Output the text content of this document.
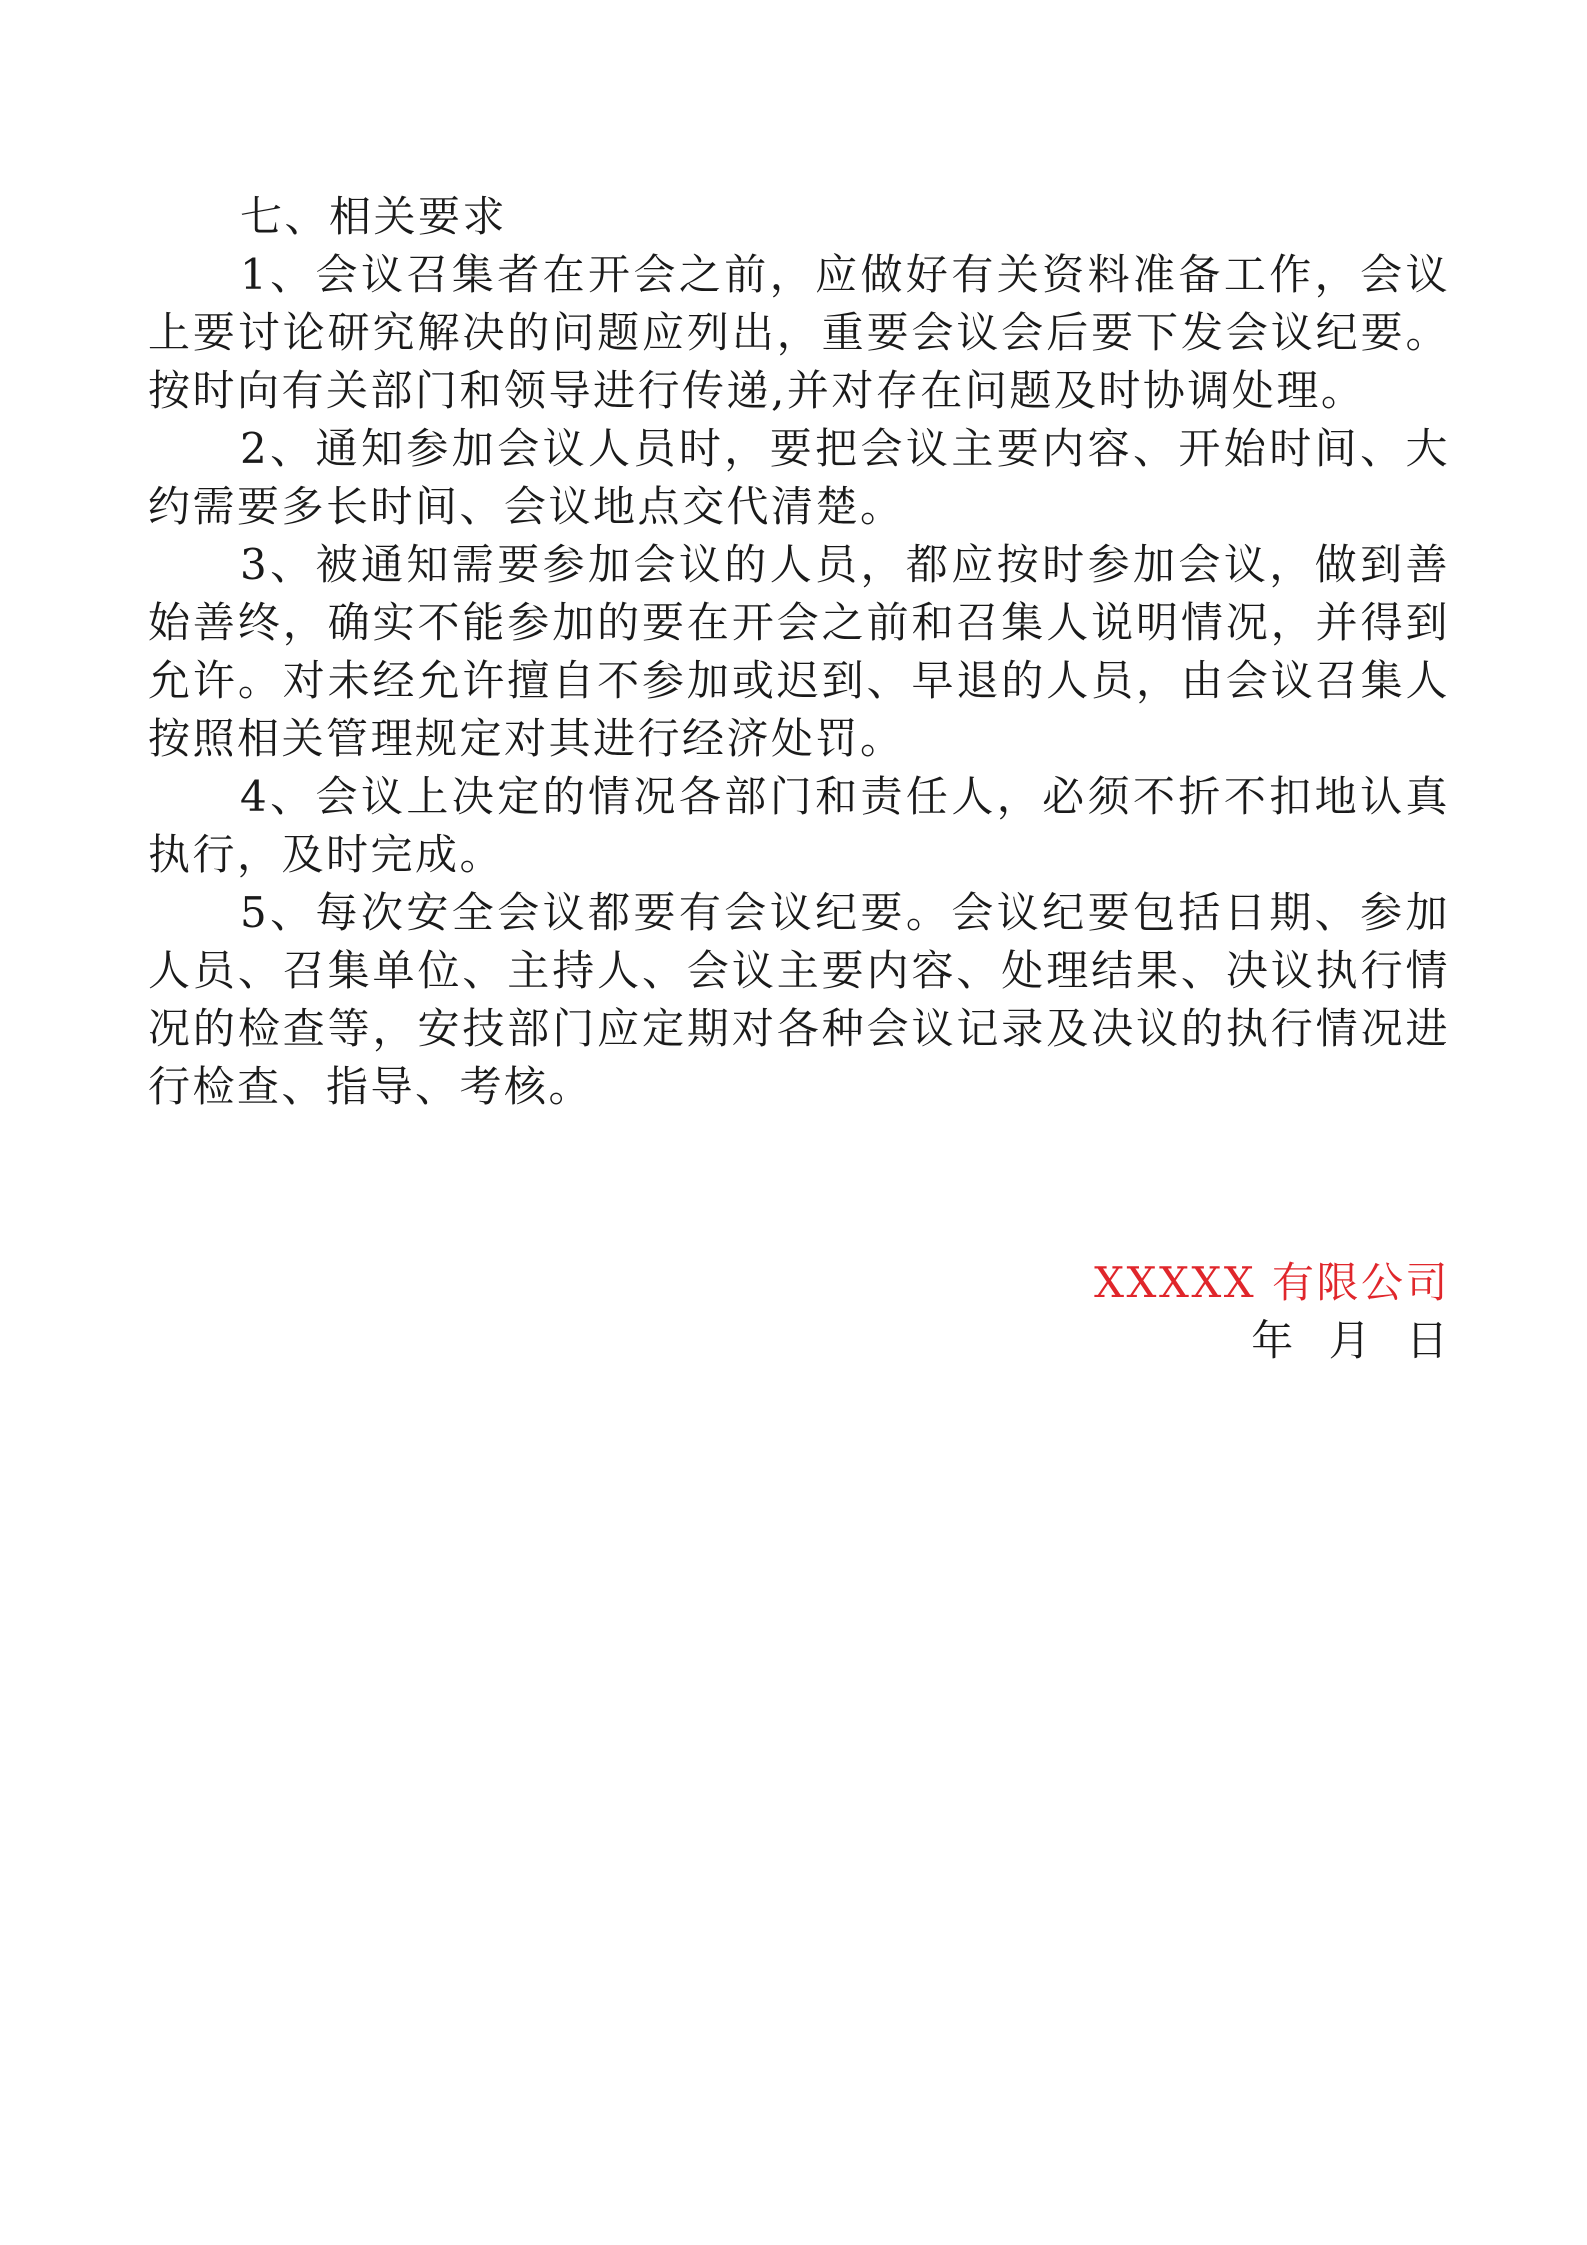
七、相关要求

1、会议召集者在开会之前，应做好有关资料准备工作，会议上要讨论研究解决的问题应列出，重要会议会后要下发会议纪要。按时向有关部门和领导进行传递,并对存在问题及时协调处理。

2、通知参加会议人员时，要把会议主要内容、开始时间、大约需要多长时间、会议地点交代清楚。

3、被通知需要参加会议的人员，都应按时参加会议，做到善始善终，确实不能参加的要在开会之前和召集人说明情况，并得到允许。对未经允许擅自不参加或迟到、早退的人员，由会议召集人按照相关管理规定对其进行经济处罚。

4、会议上决定的情况各部门和责任人，必须不折不扣地认真执行，及时完成。

5、每次安全会议都要有会议纪要。会议纪要包括日期、参加人员、召集单位、主持人、会议主要内容、处理结果、决议执行情况的检查等，安技部门应定期对各种会议记录及决议的执行情况进行检查、指导、考核。

XXXXX 有限公司
年 月 日
